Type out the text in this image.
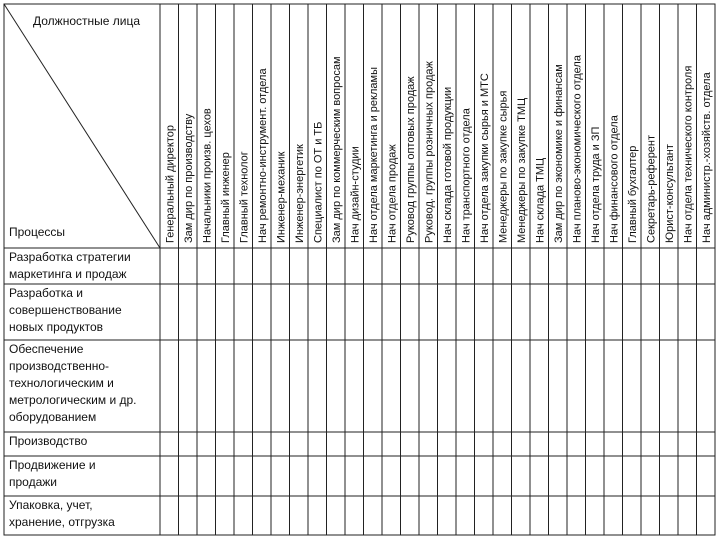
Должностные лица
Процессы	Генеральный директор Зам дир по производству Начальники произв. цехов Главный инженер Главный технолог Нач ремонтно-инструмент. отдела Инженер-механик Инженер-энергетик Специалист по ОТ и ТБ Зам дир по коммерческим вопросам Нач дизайн-студии Нач отдела маркетинга и рекламы Нач отдела продаж Руковод группы оптовых продаж Руковод. группы розничных продаж Нач склада готовой продукции Нач транспортного отдела Нач отдела закупки сырья и МТС Менеджеры по закупке сырья Менеджеры по закупке ТМЦ Нач склада ТМЦ Зам дир по экономике и финансам Нач планово-экономического отдела Нач отдела труда и ЗП Нач финансового отдела Главный бухгалтер Секретарь-референт Юрист-консультант Нач отдела технического контроля Нач администр.-хозяйств. отдела
Разработка стратегии
маркетинга и продаж
Разработка и
совершенствование
новых продуктов
Обеспечение
производственно-
технологическим и
метрологическим и др.
оборудованием
Производство
Продвижение и
продажи
Упаковка, учет,
хранение, отгрузка
